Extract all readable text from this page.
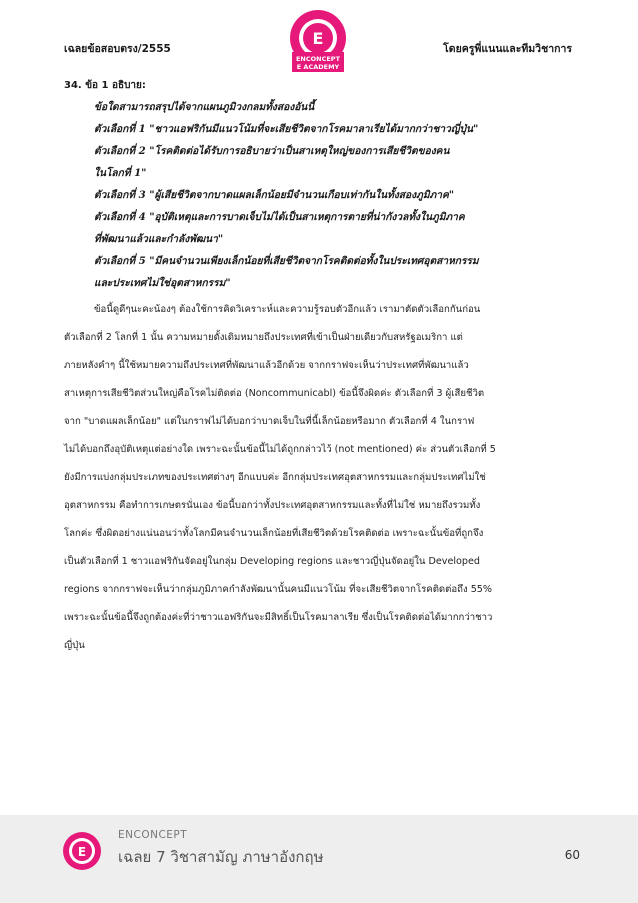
เฉลยข้อสอบตรง/2555
E
ENCONCEPT
E ACADEMY
โดยครูพี่แนนและทีมวิชาการ
34. ข้อ 1 อธิบาย:
ข้อใดสามารถสรุปได้จากแผนภูมิวงกลมทั้งสองอันนี้
ตัวเลือกที่ 1 "ชาวแอฟริกันมีแนวโน้มที่จะเสียชีวิตจากโรคมาลาเรียได้มากกว่าชาวญี่ปุ่น"
ตัวเลือกที่ 2 "โรคติดต่อได้รับการอธิบายว่าเป็นสาเหตุใหญ่ของการเสียชีวิตของคน
ในโลกที่ 1"
ตัวเลือกที่ 3 "ผู้เสียชีวิตจากบาดแผลเล็กน้อยมีจำนวนเกือบเท่ากันในทั้งสองภูมิภาค"
ตัวเลือกที่ 4 "อุบัติเหตุและการบาดเจ็บไม่ได้เป็นสาเหตุการตายที่น่ากังวลทั้งในภูมิภาค
ที่พัฒนาแล้วและกำลังพัฒนา"
ตัวเลือกที่ 5 "มีคนจำนวนเพียงเล็กน้อยที่เสียชีวิตจากโรคติดต่อทั้งในประเทศอุตสาหกรรม
และประเทศไม่ใช่อุตสาหกรรม"
ข้อนี้ดูดีๆนะคะน้องๆ ต้องใช้การคิดวิเคราะห์และความรู้รอบตัวอีกแล้ว เรามาตัดตัวเลือกกันก่อน
ตัวเลือกที่ 2 โลกที่ 1 นั้น ความหมายดั้งเดิมหมายถึงประเทศที่เข้าเป็นฝ่ายเดียวกับสหรัฐอเมริกา แต่
ภายหลังคำๆ นี้ใช้หมายความถึงประเทศที่พัฒนาแล้วอีกด้วย จากกราฟจะเห็นว่าประเทศที่พัฒนาแล้ว
สาเหตุการเสียชีวิตส่วนใหญ่คือโรคไม่ติดต่อ (Noncommunicabl) ข้อนี้จึงผิดค่ะ ตัวเลือกที่ 3 ผู้เสียชีวิต
จาก "บาดแผลเล็กน้อย" แต่ในกราฟไม่ได้บอกว่าบาดเจ็บในที่นี้เล็กน้อยหรือมาก ตัวเลือกที่ 4 ในกราฟ
ไม่ได้บอกถึงอุบัติเหตุแต่อย่างใด เพราะฉะนั้นข้อนี้ไม่ได้ถูกกล่าวไว้ (not mentioned) ค่ะ ส่วนตัวเลือกที่ 5
ยังมีการแบ่งกลุ่มประเภทของประเทศต่างๆ อีกแบบค่ะ อีกกลุ่มประเทศอุตสาหกรรมและกลุ่มประเทศไม่ใช่
อุตสาหกรรม คือทำการเกษตรนั่นเอง ข้อนี้บอกว่าทั้งประเทศอุตสาหกรรมและทั้งที่ไม่ใช่ หมายถึงรวมทั้ง
โลกค่ะ ซึ่งผิดอย่างแน่นอนว่าทั้งโลกมีคนจำนวนเล็กน้อยที่เสียชีวิตด้วยโรคติดต่อ เพราะฉะนั้นข้อที่ถูกจึง
เป็นตัวเลือกที่ 1 ชาวแอฟริกันจัดอยู่ในกลุ่ม Developing regions และชาวญี่ปุ่นจัดอยู่ใน Developed
regions จากกราฟจะเห็นว่ากลุ่มภูมิภาคกำลังพัฒนานั้นคนมีแนวโน้ม ที่จะเสียชีวิตจากโรคติดต่อถึง 55%
เพราะฉะนั้นข้อนี้จึงถูกต้องค่ะที่ว่าชาวแอฟริกันจะมีสิทธิ์เป็นโรคมาลาเรีย ซึ่งเป็นโรคติดต่อได้มากกว่าชาว
ญี่ปุ่น
E
ENCONCEPT
เฉลย 7 วิชาสามัญ ภาษาอังกฤษ	60
